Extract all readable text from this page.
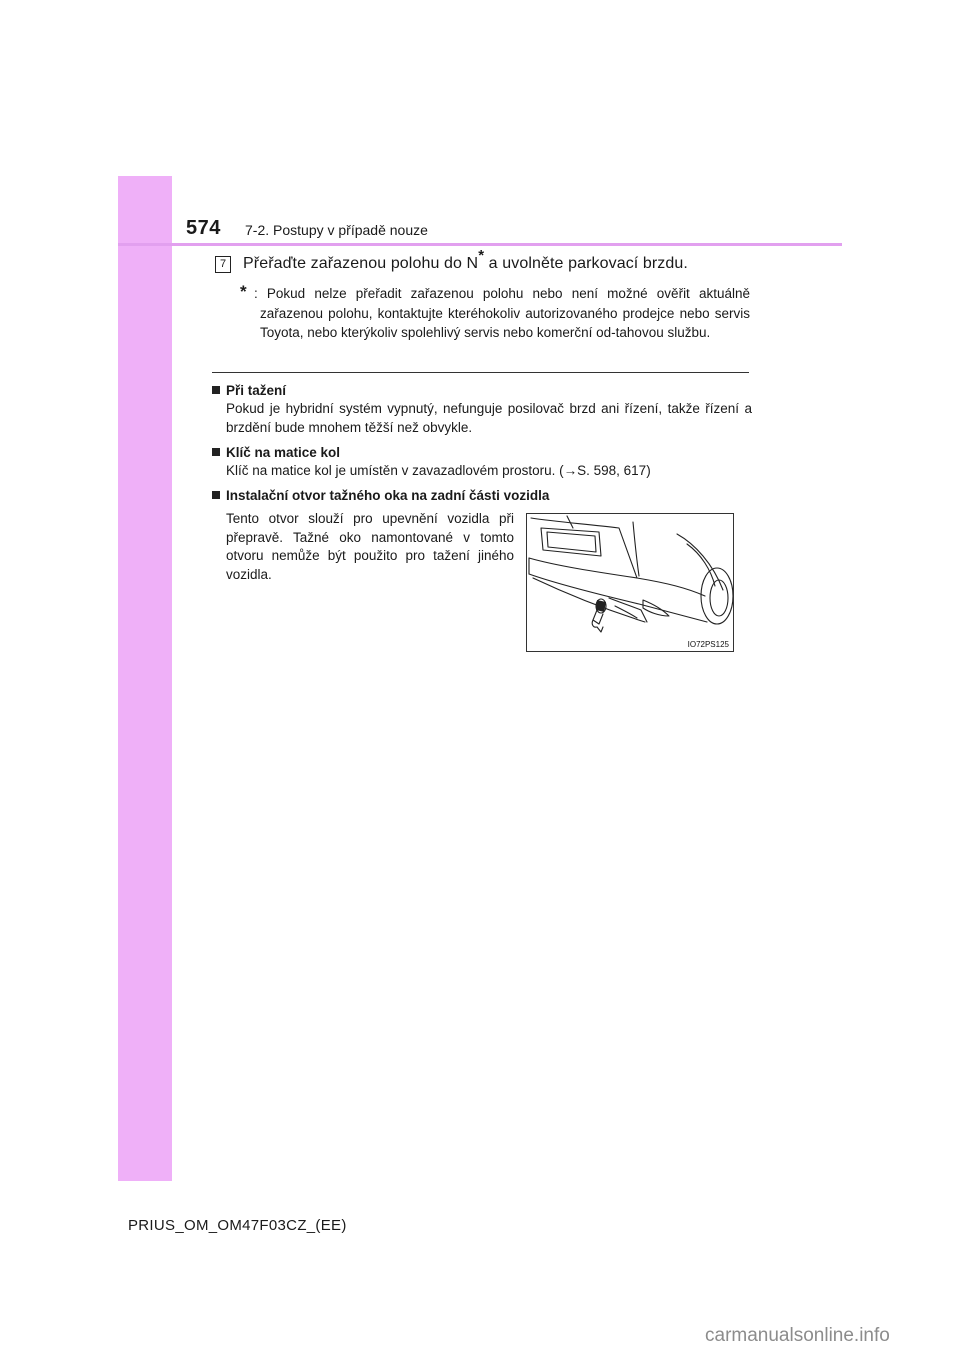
574 7-2. Postupy v případě nouze
7	Přeřaďte zařazenou polohu do N* a uvolněte parkovací brzdu.
* : Pokud nelze přeřadit zařazenou polohu nebo není možné ověřit aktuálně zařazenou polohu, kontaktujte kteréhokoliv autorizovaného prodejce nebo servis Toyota, nebo kterýkoliv spolehlivý servis nebo komerční od-tahovou službu.
Při tažení
Pokud je hybridní systém vypnutý, nefunguje posilovač brzd ani řízení, takže řízení a brzdění bude mnohem těžší než obvykle.
Klíč na matice kol
Klíč na matice kol je umístěn v zavazadlovém prostoru. (→S. 598, 617)
Instalační otvor tažného oka na zadní části vozidla
Tento otvor slouží pro upevnění vozidla při přepravě. Tažné oko namontované v tomto otvoru nemůže být použito pro tažení jiného vozidla.
IO72PS125
PRIUS_OM_OM47F03CZ_(EE)
carmanualsonline.info
